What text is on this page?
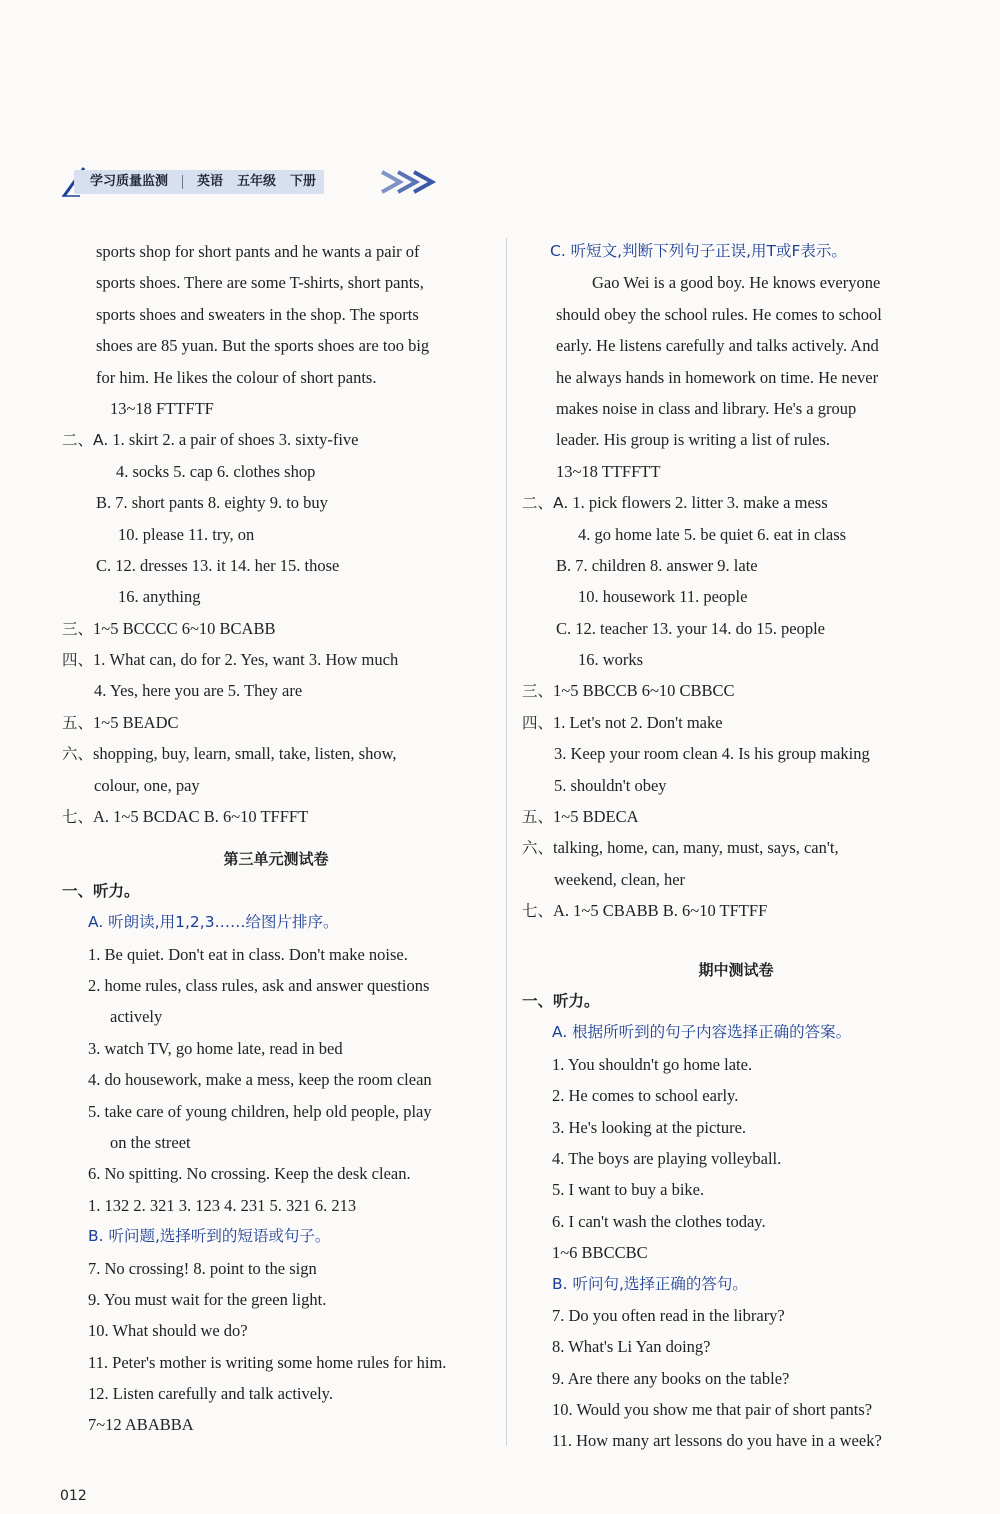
学习质量监测 英语 五年级 下册
sports shop for short pants and he wants a pair of
sports shoes. There are some T-shirts, short pants,
sports shoes and sweaters in the shop. The sports
shoes are 85 yuan. But the sports shoes are too big
for him. He likes the colour of short pants.
13~18 FTTFTF
二、A. 1. skirt 2. a pair of shoes 3. sixty-five
4. socks 5. cap 6. clothes shop
B. 7. short pants 8. eighty 9. to buy
10. please 11. try, on
C. 12. dresses 13. it 14. her 15. those
16. anything
三、1~5 BCCCC 6~10 BCABB
四、1. What can, do for 2. Yes, want 3. How much
4. Yes, here you are 5. They are
五、1~5 BEADC
六、shopping, buy, learn, small, take, listen, show,
colour, one, pay
七、A. 1~5 BCDAC B. 6~10 TFFFT
第三单元测试卷
一、听力。
A. 听朗读,用1,2,3……给图片排序。
1. Be quiet. Don't eat in class. Don't make noise.
2. home rules, class rules, ask and answer questions
actively
3. watch TV, go home late, read in bed
4. do housework, make a mess, keep the room clean
5. take care of young children, help old people, play
on the street
6. No spitting. No crossing. Keep the desk clean.
1. 132 2. 321 3. 123 4. 231 5. 321 6. 213
B. 听问题,选择听到的短语或句子。
7. No crossing! 8. point to the sign
9. You must wait for the green light.
10. What should we do?
11. Peter's mother is writing some home rules for him.
12. Listen carefully and talk actively.
7~12 ABABBA
C. 听短文,判断下列句子正误,用T或F表示。
Gao Wei is a good boy. He knows everyone
should obey the school rules. He comes to school
early. He listens carefully and talks actively. And
he always hands in homework on time. He never
makes noise in class and library. He's a group
leader. His group is writing a list of rules.
13~18 TTFFTT
二、A. 1. pick flowers 2. litter 3. make a mess
4. go home late 5. be quiet 6. eat in class
B. 7. children 8. answer 9. late
10. housework 11. people
C. 12. teacher 13. your 14. do 15. people
16. works
三、1~5 BBCCB 6~10 CBBCC
四、1. Let's not 2. Don't make
3. Keep your room clean 4. Is his group making
5. shouldn't obey
五、1~5 BDECA
六、talking, home, can, many, must, says, can't,
weekend, clean, her
七、A. 1~5 CBABB B. 6~10 TFTFF
期中测试卷
一、听力。
A. 根据所听到的句子内容选择正确的答案。
1. You shouldn't go home late.
2. He comes to school early.
3. He's looking at the picture.
4. The boys are playing volleyball.
5. I want to buy a bike.
6. I can't wash the clothes today.
1~6 BBCCBC
B. 听问句,选择正确的答句。
7. Do you often read in the library?
8. What's Li Yan doing?
9. Are there any books on the table?
10. Would you show me that pair of short pants?
11. How many art lessons do you have in a week?
012
